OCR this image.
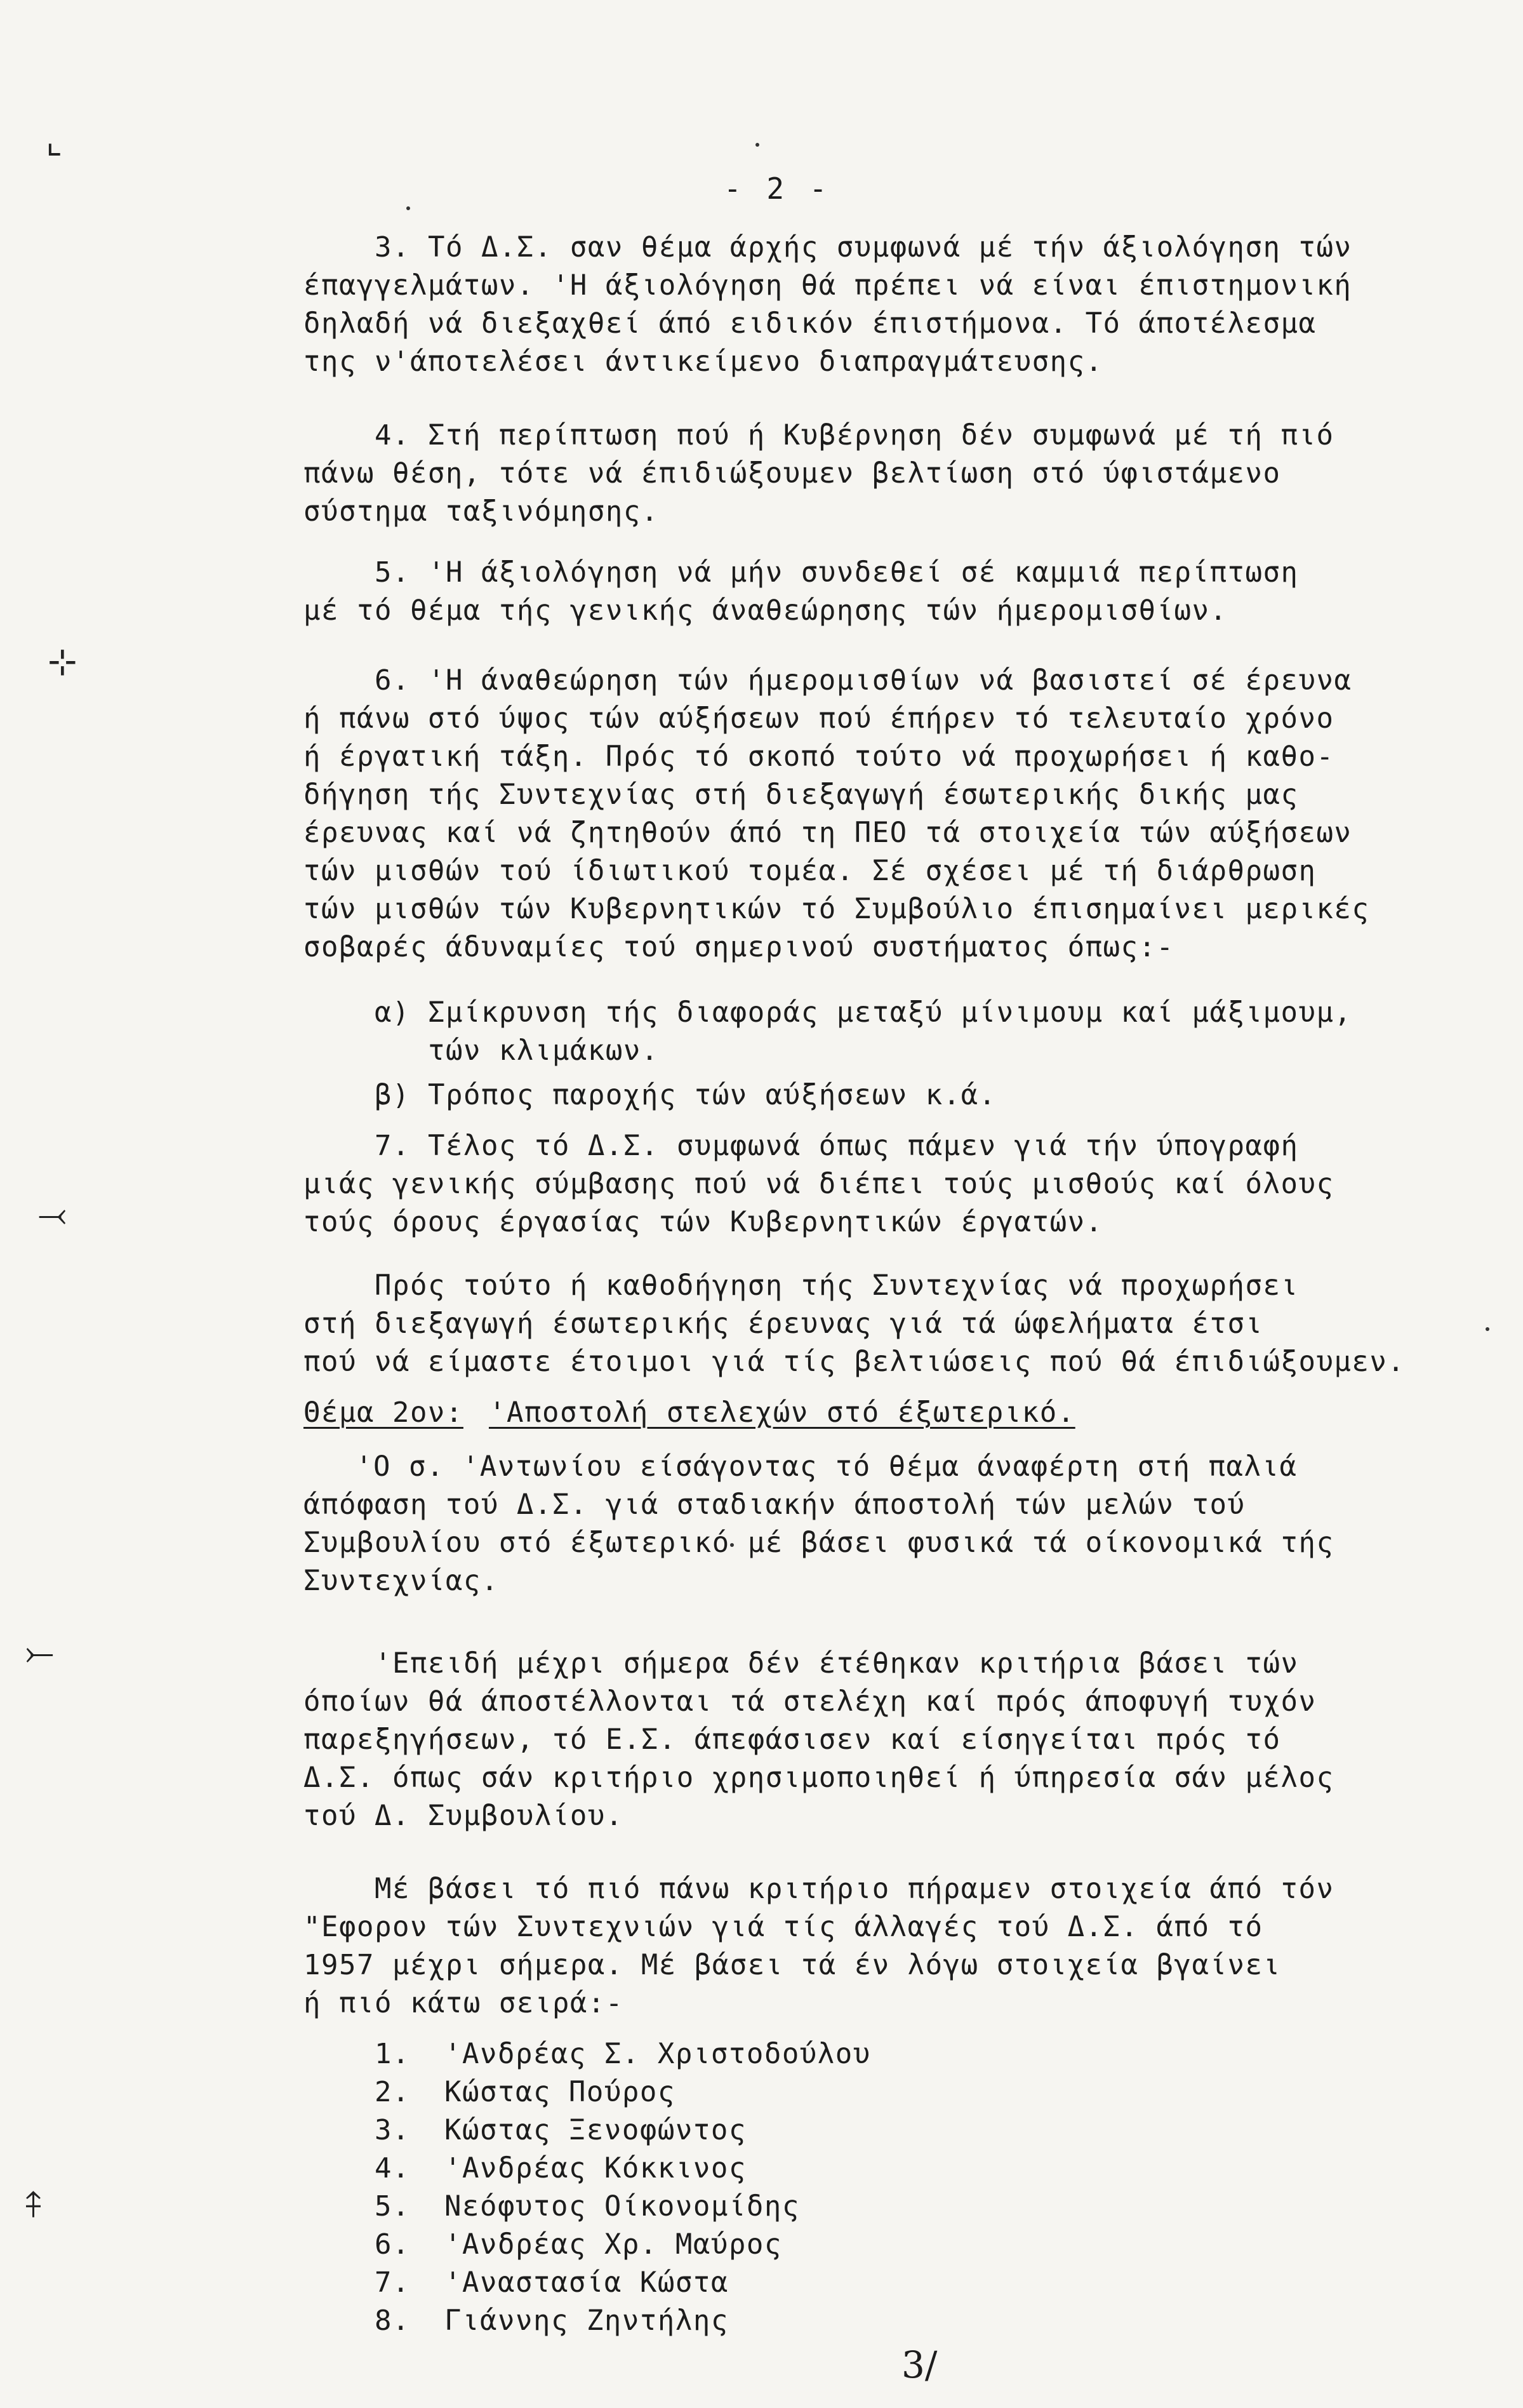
⌞
⊹
⤙
⤚
⤉
- 2 -
3. Τό Δ.Σ. σαν θέμα άρχής συμφωνά μέ τήν άξιολόγηση τών
έπαγγελμάτων. 'Η άξιολόγηση θά πρέπει νά είναι έπιστημονική
δηλαδή νά διεξαχθεί άπό ειδικόν έπιστήμονα. Τό άποτέλεσμα
της ν'άποτελέσει άντικείμενο διαπραγμάτευσης.
4. Στή περίπτωση πού ή Κυβέρνηση δέν συμφωνά μέ τή πιό
πάνω θέση, τότε νά έπιδιώξουμεν βελτίωση στό ύφιστάμενο
σύστημα ταξινόμησης.
5. 'Η άξιολόγηση νά μήν συνδεθεί σέ καμμιά περίπτωση
μέ τό θέμα τής γενικής άναθεώρησης τών ήμερομισθίων.
6. 'Η άναθεώρηση τών ήμερομισθίων νά βασιστεί σέ έρευνα
ή πάνω στό ύψος τών αύξήσεων πού έπήρεν τό τελευταίο χρόνο
ή έργατική τάξη. Πρός τό σκοπό τούτο νά προχωρήσει ή καθο-
δήγηση τής Συντεχνίας στή διεξαγωγή έσωτερικής δικής μας
έρευνας καί νά ζητηθούν άπό τη ΠΕΟ τά στοιχεία τών αύξήσεων
τών μισθών τού ίδιωτικού τομέα. Σέ σχέσει μέ τή διάρθρωση
τών μισθών τών Κυβερνητικών τό Συμβούλιο έπισημαίνει μερικές
σοβαρές άδυναμίες τού σημερινού συστήματος όπως:-
α) Σμίκρυνση τής διαφοράς μεταξύ μίνιμουμ καί μάξιμουμ,
τών κλιμάκων.
β) Τρόπος παροχής τών αύξήσεων κ.ά.
7. Τέλος τό Δ.Σ. συμφωνά όπως πάμεν γιά τήν ύπογραφή
μιάς γενικής σύμβασης πού νά διέπει τούς μισθούς καί όλους
τούς όρους έργασίας τών Κυβερνητικών έργατών.
Πρός τούτο ή καθοδήγηση τής Συντεχνίας νά προχωρήσει
στή διεξαγωγή έσωτερικής έρευνας γιά τά ώφελήματα έτσι
πού νά είμαστε έτοιμοι γιά τίς βελτιώσεις πού θά έπιδιώξουμεν.
Θέμα 2ον: 'Αποστολή στελεχών στό έξωτερικό.
'Ο σ. 'Αντωνίου είσάγοντας τό θέμα άναφέρτη στή παλιά
άπόφαση τού Δ.Σ. γιά σταδιακήν άποστολή τών μελών τού
Συμβουλίου στό έξωτερικό μέ βάσει φυσικά τά οίκονομικά τής
Συντεχνίας.
'Επειδή μέχρι σήμερα δέν έτέθηκαν κριτήρια βάσει τών
όποίων θά άποστέλλονται τά στελέχη καί πρός άποφυγή τυχόν
παρεξηγήσεων, τό Ε.Σ. άπεφάσισεν καί είσηγείται πρός τό
Δ.Σ. όπως σάν κριτήριο χρησιμοποιηθεί ή ύπηρεσία σάν μέλος
τού Δ. Συμβουλίου.
Μέ βάσει τό πιό πάνω κριτήριο πήραμεν στοιχεία άπό τόν
"Εφορον τών Συντεχνιών γιά τίς άλλαγές τού Δ.Σ. άπό τό
1957 μέχρι σήμερα. Μέ βάσει τά έν λόγω στοιχεία βγαίνει
ή πιό κάτω σειρά:-
1. 'Ανδρέας Σ. Χριστοδούλου
2. Κώστας Πούρος
3. Κώστας Ξενοφώντος
4. 'Ανδρέας Κόκκινος
5. Νεόφυτος Οίκονομίδης
6. 'Ανδρέας Χρ. Μαύρος
7. 'Αναστασία Κώστα
8. Γιάννης Ζηντήλης
3/
